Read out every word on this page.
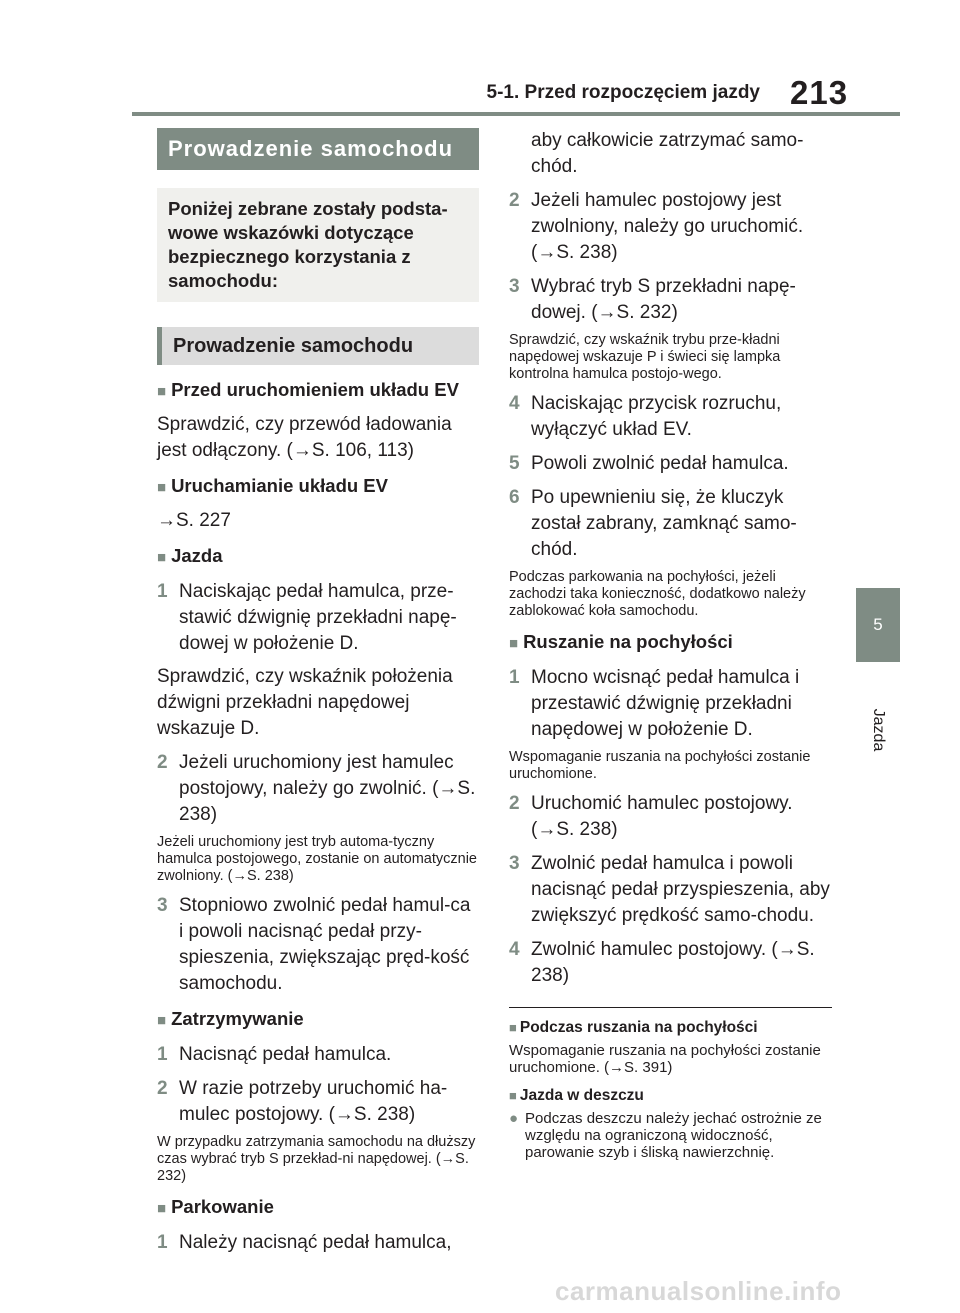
5-1. Przed rozpoczęciem jazdy 213
5
Jazda
Prowadzenie samochodu
Poniżej zebrane zostały podsta-wowe wskazówki dotyczące bezpiecznego korzystania z samochodu:
Prowadzenie samochodu
■ Przed uruchomieniem układu EV
Sprawdzić, czy przewód ładowania jest odłączony. (→S. 106, 113)
■ Uruchamianie układu EV
→S. 227
■ Jazda
1 Naciskając pedał hamulca, prze-stawić dźwignię przekładni napę-dowej w położenie D.
Sprawdzić, czy wskaźnik położenia dźwigni przekładni napędowej wskazuje D.
2 Jeżeli uruchomiony jest hamulec postojowy, należy go zwolnić. (→S. 238)
Jeżeli uruchomiony jest tryb automa-tyczny hamulca postojowego, zostanie on automatycznie zwolniony. (→S. 238)
3 Stopniowo zwolnić pedał hamul-ca i powoli nacisnąć pedał przy-spieszenia, zwiększając pręd-kość samochodu.
■ Zatrzymywanie
1 Nacisnąć pedał hamulca.
2 W razie potrzeby uruchomić ha-mulec postojowy. (→S. 238)
W przypadku zatrzymania samochodu na dłuższy czas wybrać tryb S przekład-ni napędowej. (→S. 232)
■ Parkowanie
1 Należy nacisnąć pedał hamulca,
aby całkowicie zatrzymać samo-chód.
2 Jeżeli hamulec postojowy jest zwolniony, należy go uruchomić. (→S. 238)
3 Wybrać tryb S przekładni napę-dowej. (→S. 232)
Sprawdzić, czy wskaźnik trybu prze-kładni napędowej wskazuje P i świeci się lampka kontrolna hamulca postojo-wego.
4 Naciskając przycisk rozruchu, wyłączyć układ EV.
5 Powoli zwolnić pedał hamulca.
6 Po upewnieniu się, że kluczyk został zabrany, zamknąć samo-chód.
Podczas parkowania na pochyłości, jeżeli zachodzi taka konieczność, dodatkowo należy zablokować koła samochodu.
■ Ruszanie na pochyłości
1 Mocno wcisnąć pedał hamulca i przestawić dźwignię przekładni napędowej w położenie D.
Wspomaganie ruszania na pochyłości zostanie uruchomione.
2 Uruchomić hamulec postojowy. (→S. 238)
3 Zwolnić pedał hamulca i powoli nacisnąć pedał przyspieszenia, aby zwiększyć prędkość samo-chodu.
4 Zwolnić hamulec postojowy. (→S. 238)
■ Podczas ruszania na pochyłości
Wspomaganie ruszania na pochyłości zostanie uruchomione. (→S. 391)
■ Jazda w deszczu
● Podczas deszczu należy jechać ostrożnie ze względu na ograniczoną widoczność, parowanie szyb i śliską nawierzchnię.
carmanualsonline.info
